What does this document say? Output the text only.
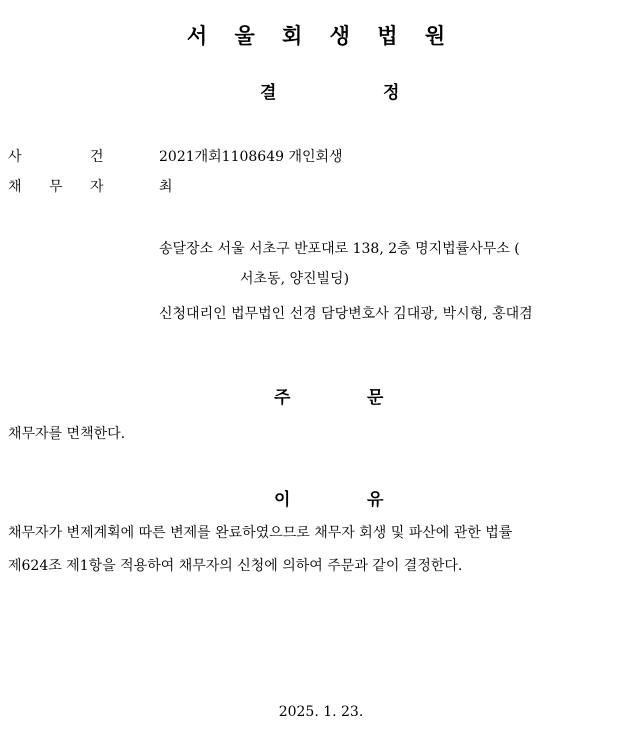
서 울 회 생 법 원
결	정
사	건	2021개회1108649 개인회생
채 무 자	최
송달장소 서울 서초구 반포대로 138, 2층 명지법률사무소 (
서초동, 양진빌딩)
신청대리인 법무법인 선경 담당변호사 김대광, 박시형, 홍대겸
주	문
채무자를 면책한다.
이	유
채무자가 변제계획에 따른 변제를 완료하였으므로 채무자 회생 및 파산에 관한 법률
제624조 제1항을 적용하여 채무자의 신청에 의하여 주문과 같이 결정한다.
2025. 1. 23.
